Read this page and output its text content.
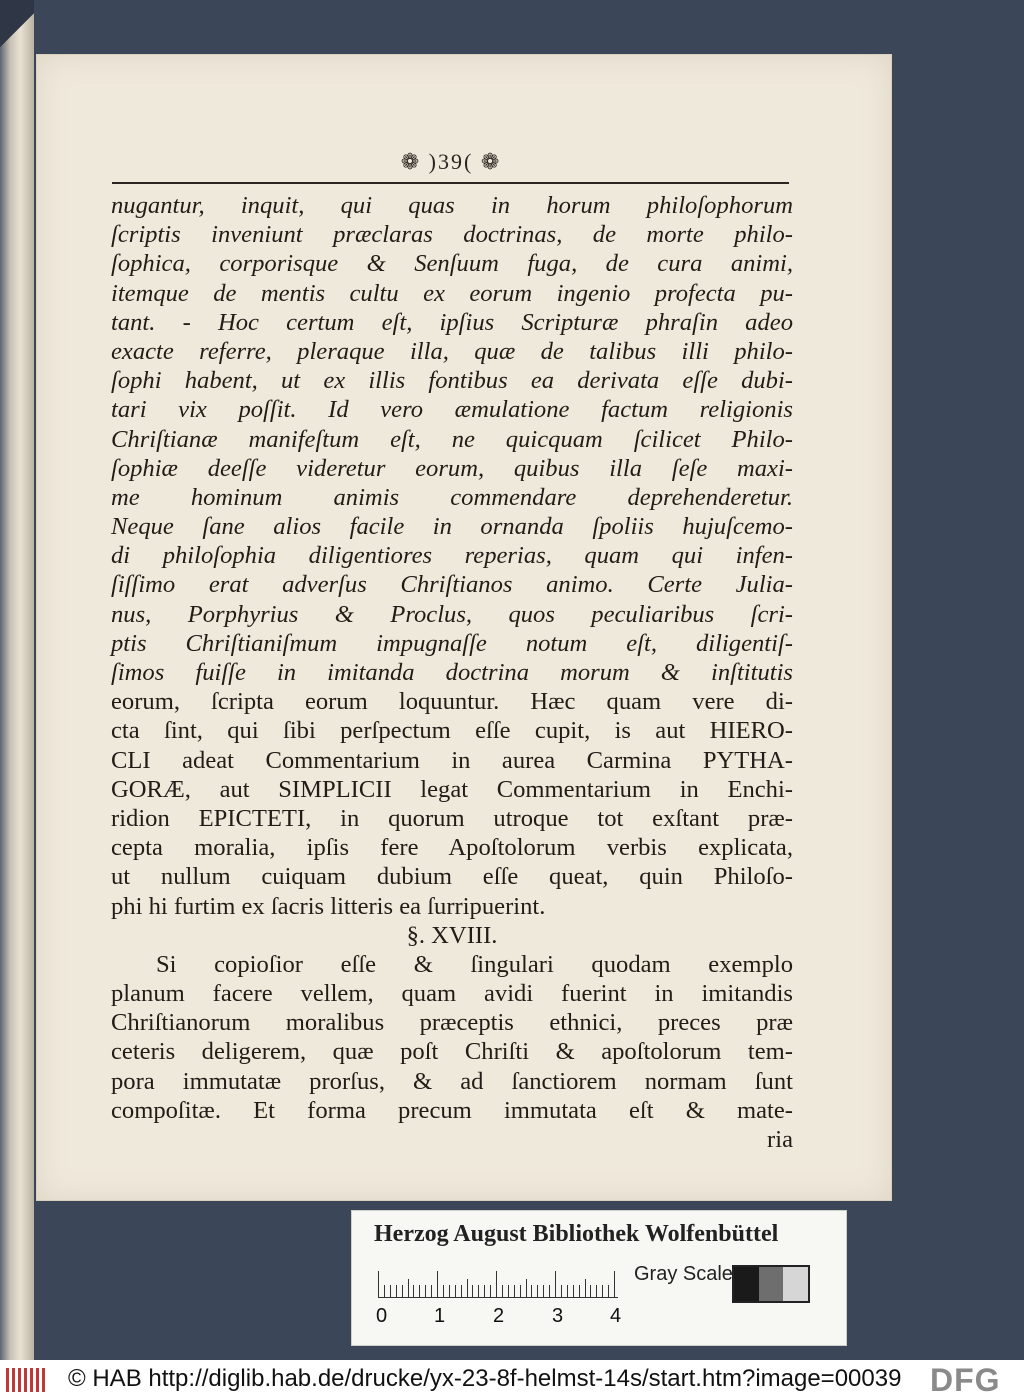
❁ )39( ❁
nugantur, inquit, qui quas in horum philoſophorum
ſcriptis inveniunt præclaras doctrinas, de morte philo-
ſophica, corporisque & Senſuum fuga, de cura animi,
itemque de mentis cultu ex eorum ingenio profecta pu-
tant. - Hoc certum eſt, ipſius Scripturæ phraſin adeo
exacte referre, pleraque illa, quæ de talibus illi philo-
ſophi habent, ut ex illis fontibus ea derivata eſſe dubi-
tari vix poſſit. Id vero æmulatione factum religionis
Chriſtianæ manifeſtum eſt, ne quicquam ſcilicet Philo-
ſophiæ deeſſe videretur eorum, quibus illa ſeſe maxi-
me hominum animis commendare deprehenderetur.
Neque ſane alios facile in ornanda ſpoliis hujuſcemo-
di philoſophia diligentiores reperias, quam qui infen-
ſiſſimo erat adverſus Chriſtianos animo. Certe Julia-
nus, Porphyrius & Proclus, quos peculiaribus ſcri-
ptis Chriſtianiſmum impugnaſſe notum eſt, diligentiſ-
ſimos fuiſſe in imitanda doctrina morum & inſtitutis
eorum, ſcripta eorum loquuntur. Hæc quam vere di-
cta ſint, qui ſibi perſpectum eſſe cupit, is aut HIERO-
CLI adeat Commentarium in aurea Carmina PYTHA-
GORÆ, aut SIMPLICII legat Commentarium in Enchi-
ridion EPICTETI, in quorum utroque tot exſtant præ-
cepta moralia, ipſis fere Apoſtolorum verbis explicata,
ut nullum cuiquam dubium eſſe queat, quin Philoſo-
phi hi furtim ex ſacris litteris ea ſurripuerint.
§. XVIII.
Si copioſior eſſe & ſingulari quodam exemplo
planum facere vellem, quam avidi fuerint in imitandis
Chriſtianorum moralibus præceptis ethnici, preces præ
ceteris deligerem, quæ poſt Chriſti & apoſtolorum tem-
pora immutatæ prorſus, & ad ſanctiorem normam ſunt
compoſitæ. Et forma precum immutata eſt & mate-
ria
Herzog August Bibliothek Wolfenbüttel
0 1 2 3 4
Gray Scale
© HAB http://diglib.hab.de/drucke/yx-23-8f-helmst-14s/start.htm?image=00039 DFG
